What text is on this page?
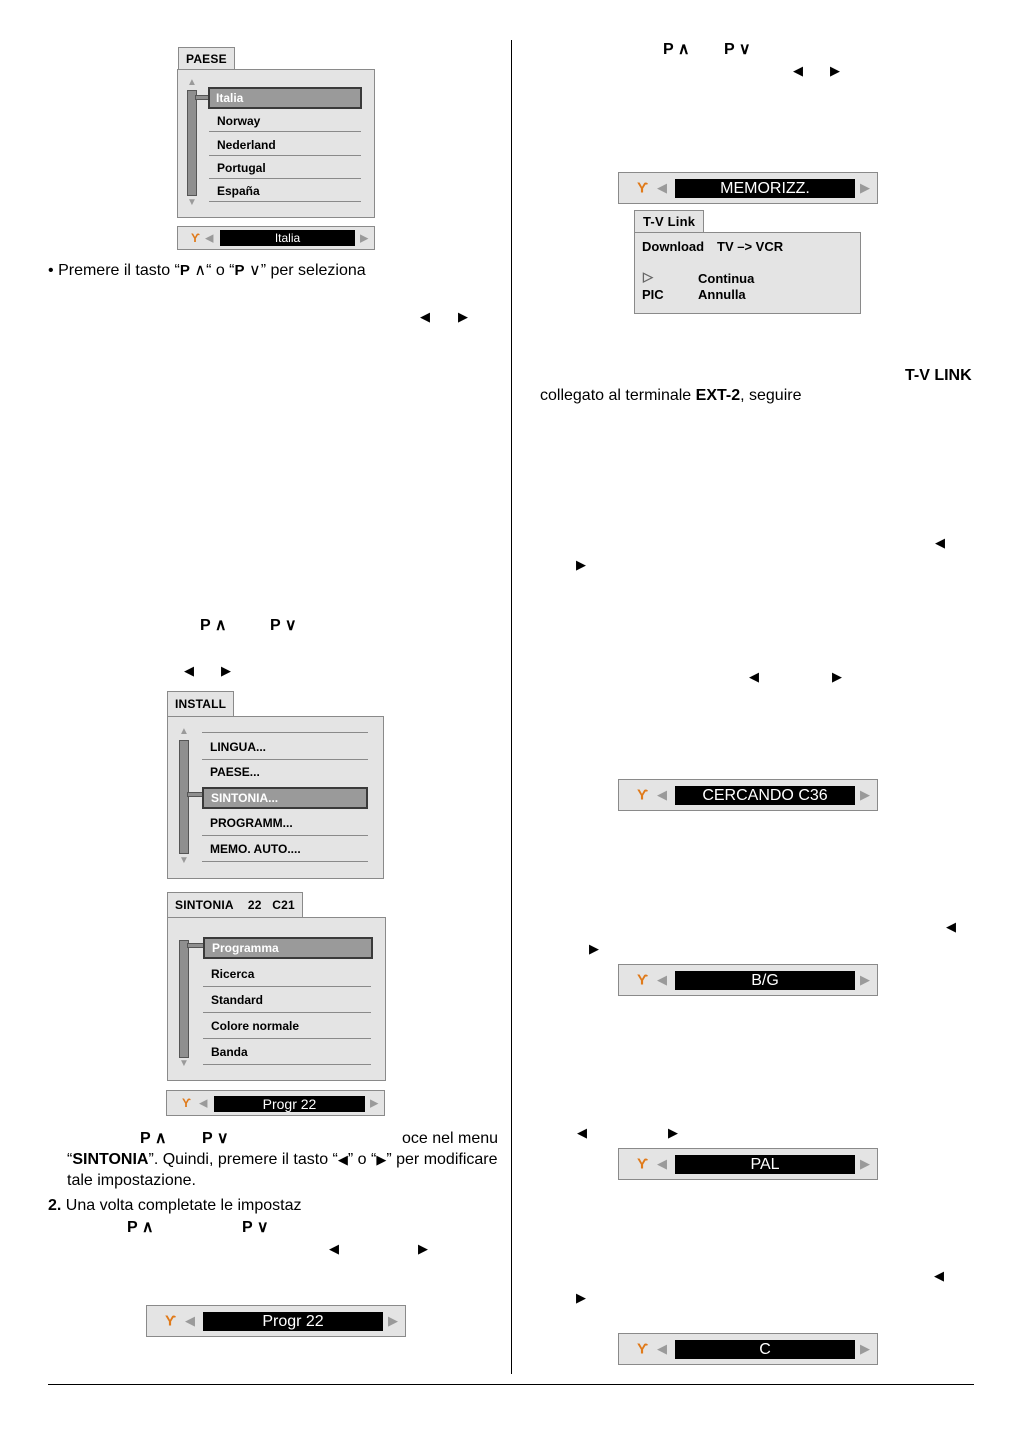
PAESE
▲
▼
Italia
Norway
Nederland
Portugal
España
Ƴ ◀	Italia	▶
• Premere il tasto “P ∧“ o “P ∨” per seleziona
◀ ▶
P ∧	P ∨
◀ ▶
INSTALL
▲
▼
LINGUA...
PAESE...
SINTONIA...
PROGRAMM...
MEMO. AUTO....
SINTONIA 22 C21
▼
Programma
Ricerca
Standard
Colore normale
Banda
Ƴ ◀	Progr 22	▶
P ∧ P ∨	oce nel menu
“SINTONIA”. Quindi, premere il tasto “◀” o “▶” per modificare
tale impostazione.
2. Una volta completate le impostaz
P ∧	P ∨
◀	▶
Ƴ ◀	Progr 22	▶
P ∧ P ∨
◀ ▶
Ƴ ◀	MEMORIZZ.	▶
T-V Link
Download TV –> VCR
▷	Continua
PIC	Annulla
T-V LINK
collegato al terminale EXT-2, seguire
◀
▶
◀	▶
Ƴ ◀	CERCANDO C36	▶
◀
▶
Ƴ ◀	B/G	▶
◀	▶
Ƴ ◀	PAL	▶
◀
▶
Ƴ ◀	C	▶
